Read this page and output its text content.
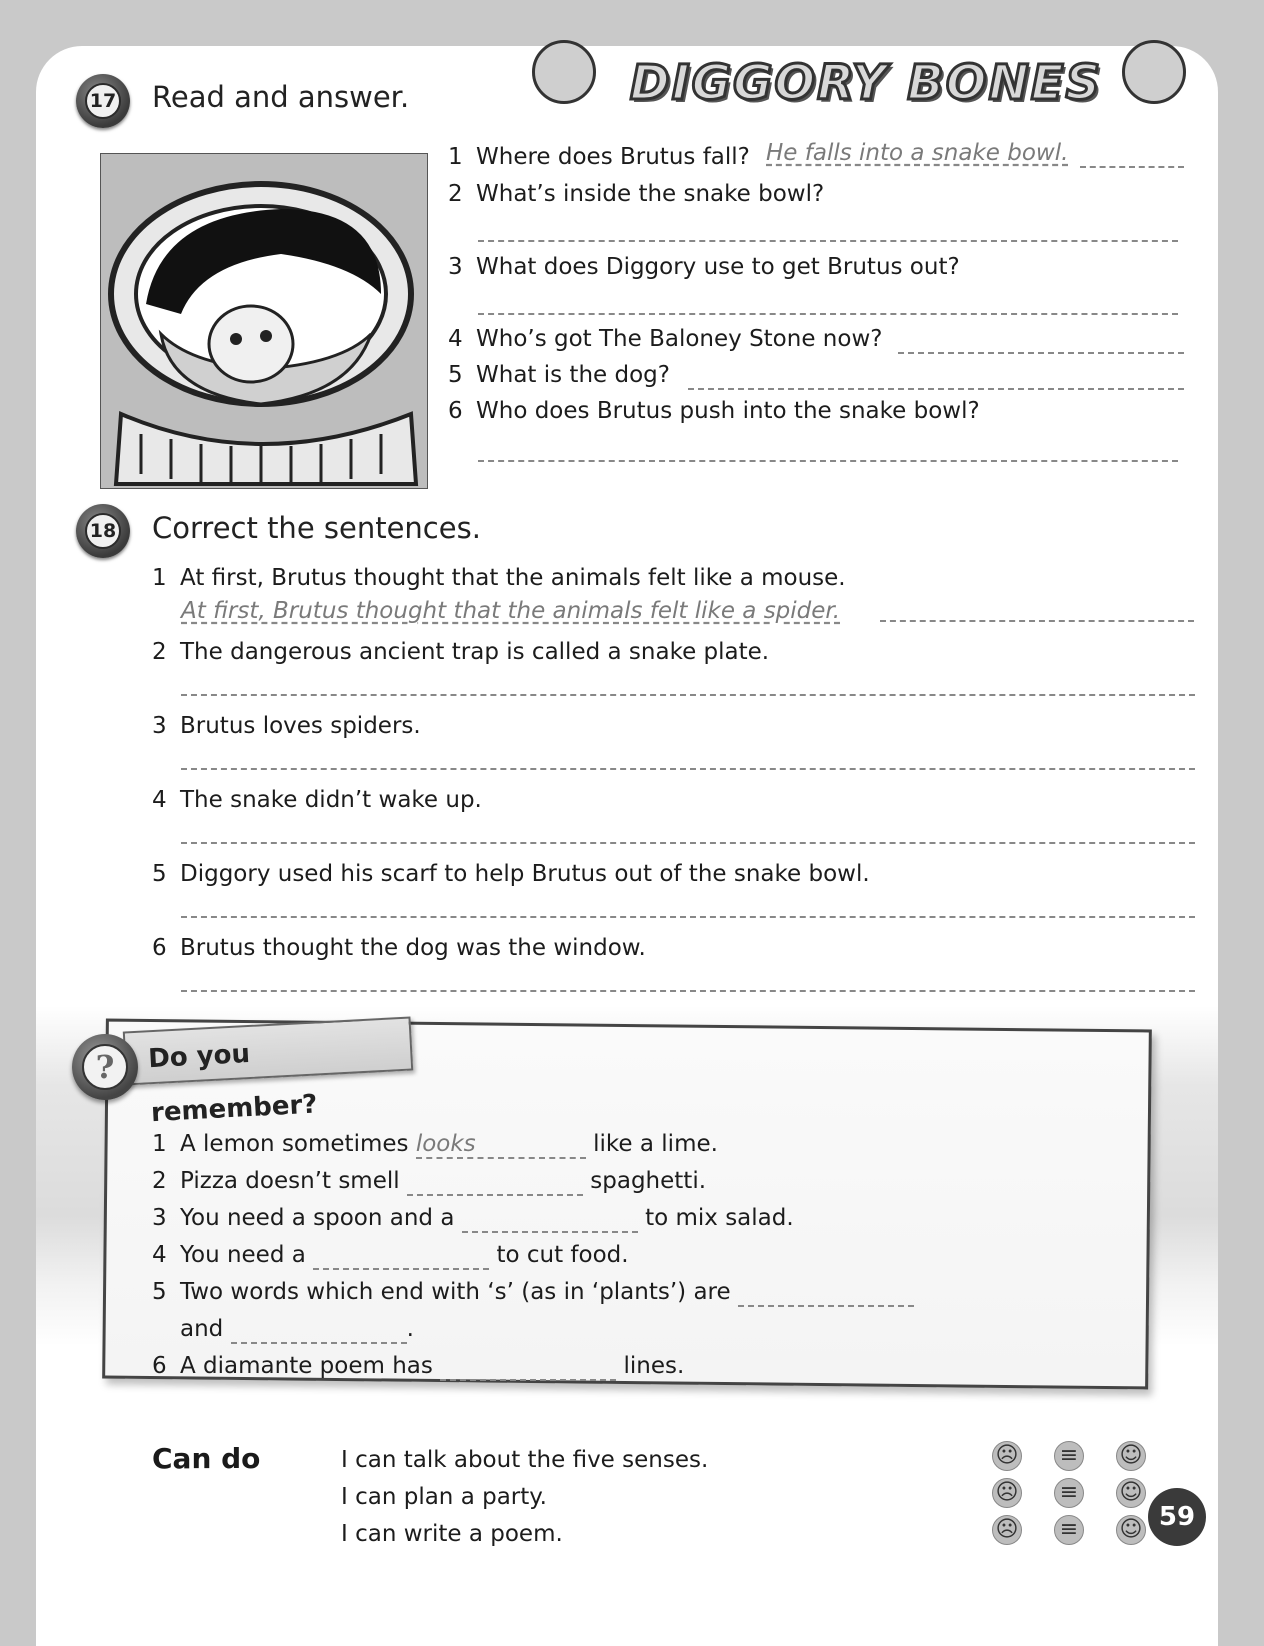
DIGGORY BONES
17 Read and answer.
1 Where does Brutus fall? He falls into a snake bowl.
2 What’s inside the snake bowl?
3 What does Diggory use to get Brutus out?
4 Who’s got The Baloney Stone now?
5 What is the dog?
6 Who does Brutus push into the snake bowl?
18 Correct the sentences.
1 At first, Brutus thought that the animals felt like a mouse.
At first, Brutus thought that the animals felt like a spider.
2 The dangerous ancient trap is called a snake plate.
3 Brutus loves spiders.
4 The snake didn’t wake up.
5 Diggory used his scarf to help Brutus out of the snake bowl.
6 Brutus thought the dog was the window.
Do you remember?
?
1 A lemon sometimes looks	like a lime.
2 Pizza doesn’t smell	spaghetti.
3 You need a spoon and a	to mix salad.
4 You need a	to cut food.
5 Two words which end with ‘s’ (as in ‘plants’) are
and	.
6 A diamante poem has	lines.
Can do	I can talk about the five senses.
I can plan a party.
I can write a poem.
☹ ≡ ☺
☹ ≡ ☺
☹ ≡ ☺ 59
